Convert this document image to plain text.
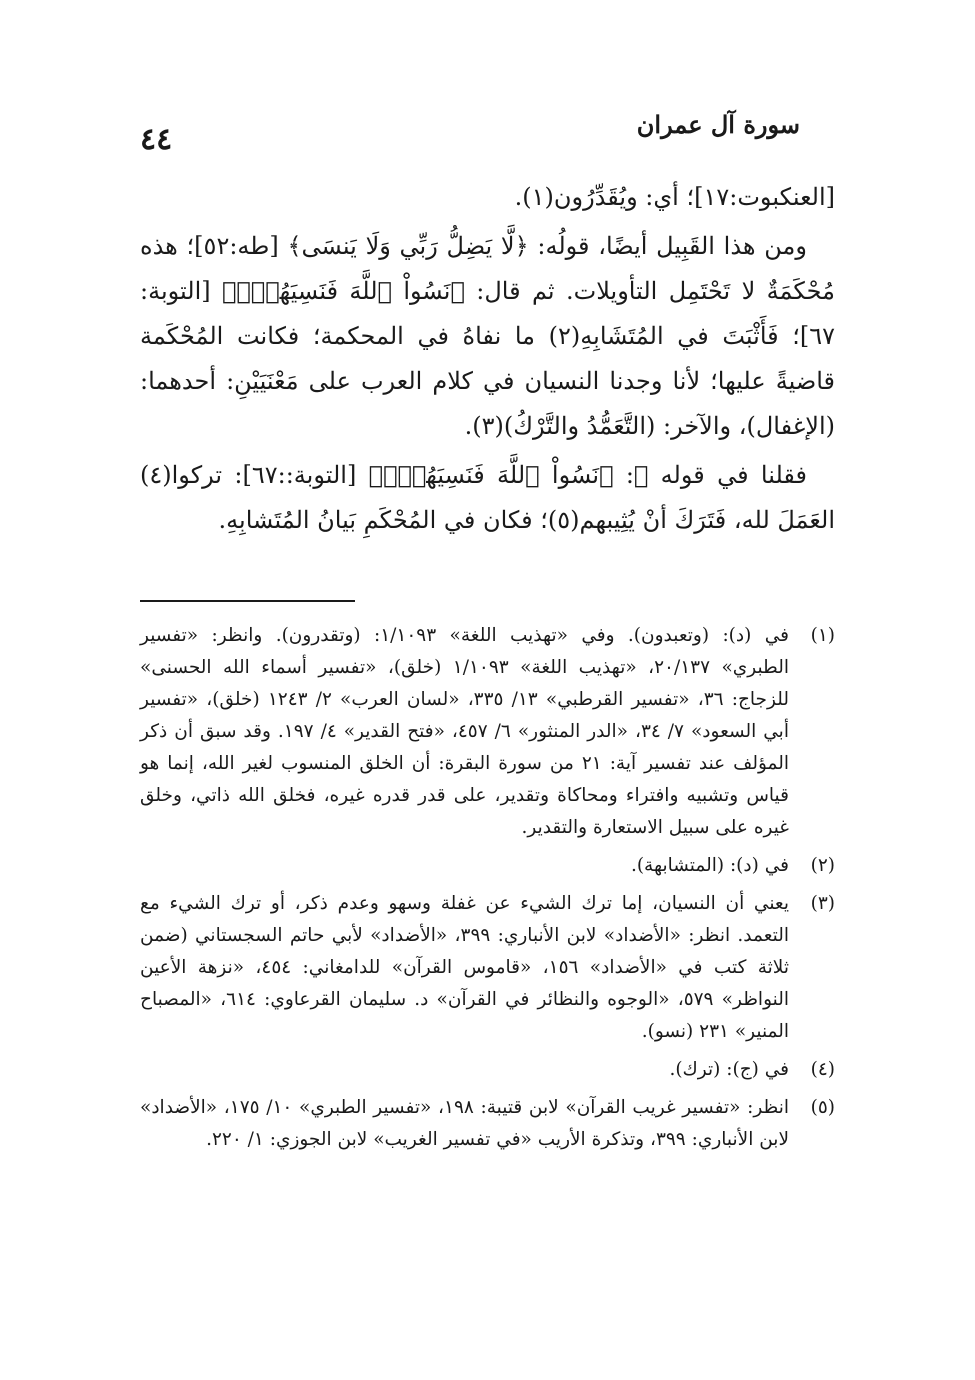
سورة آل عمران
٤٤

[العنكبوت:١٧]؛ أي: ويُقَدِّرُون(١).

ومن هذا القَبِيل أيضًا، قولُه: ﴿لَّا يَضِلُّ رَبِّي وَلَا يَنسَى﴾ [طه:٥٢]؛ هذه مُحْكَمَةٌ لا تَحْتَمِل التأويلات. ثم قال: ﴿نَسُواْ ٱللَّهَ فَنَسِيَهُمْۚ﴾ [التوبة: ٦٧]؛ فَأَثْبَتَ في المُتَشَابِهِ(٢) ما نفاهُ في المحكمة؛ فكانت المُحْكَمة قاضيةً عليها؛ لأنا وجدنا النسيان في كلام العرب على مَعْنَيَيْنِ: أحدهما: (الإغفال)، والآخر: (التَّعَمُّدُ والتَّرْكُ)(٣).

فقلنا في قوله ﷻ: ﴿نَسُواْ ٱللَّهَ فَنَسِيَهُمْۚ﴾ [التوبة::٦٧]: تركوا(٤) العَمَلَ لله، فَتَرَكَ أنْ يُثِيبهم(٥)؛ فكان في المُحْكَمِ بَيانُ المُتَشابِهِ.

(١)
في (د): (وتعبدون). وفي «تهذيب اللغة» ١/١٠٩٣: (وتقدرون). وانظر: «تفسير الطبري» ٢٠/١٣٧، «تهذيب اللغة» ١/١٠٩٣ (خلق)، «تفسير أسماء الله الحسنى» للزجاج: ٣٦، «تفسير القرطبي» ١٣/ ٣٣٥، «لسان العرب» ٢/ ١٢٤٣ (خلق)، «تفسير أبي السعود» ٧/ ٣٤، «الدر المنثور» ٦/ ٤٥٧، «فتح القدير» ٤/ ١٩٧. وقد سبق أن ذكر المؤلف عند تفسير آية: ٢١ من سورة البقرة: أن الخلق المنسوب لغير الله، إنما هو قياس وتشبيه وافتراء ومحاكاة وتقدير، على قدر قدره غيره، فخلق الله ذاتي، وخلق غيره على سبيل الاستعارة والتقدير.
(٢)
في (د): (المتشابهة).
(٣)
يعني أن النسيان، إما ترك الشيء عن غفلة وسهو وعدم ذكر، أو ترك الشيء مع التعمد. انظر: «الأضداد» لابن الأنباري: ٣٩٩، «الأضداد» لأبي حاتم السجستاني (ضمن ثلاثة كتب في «الأضداد» ١٥٦، «قاموس القرآن» للدامغاني: ٤٥٤، «نزهة الأعين النواظر» ٥٧٩، «الوجوه والنظائر في القرآن» د. سليمان القرعاوي: ٦١٤، «المصباح المنير» ٢٣١ (نسو).
(٤)
في (ج): (ترك).
(٥)
انظر: «تفسير غريب القرآن» لابن قتيبة: ١٩٨، «تفسير الطبري» ١٠/ ١٧٥، «الأضداد» لابن الأنباري: ٣٩٩، وتذكرة الأريب «في تفسير الغريب» لابن الجوزي: ١/ ٢٢٠.
